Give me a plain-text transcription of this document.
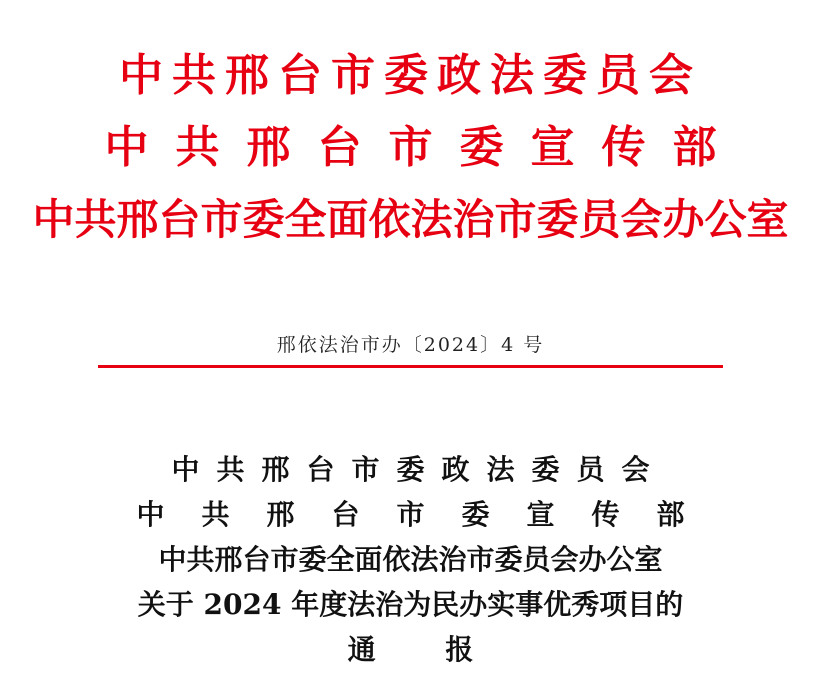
中共邢台市委政法委员会
中共邢台市委宣传部
中共邢台市委全面依法治市委员会办公室
邢依法治市办〔2024〕4 号
中共邢台市委政法委员会
中共邢台市委宣传部
中共邢台市委全面依法治市委员会办公室
关于 2024 年度法治为民办实事优秀项目的
通 报
